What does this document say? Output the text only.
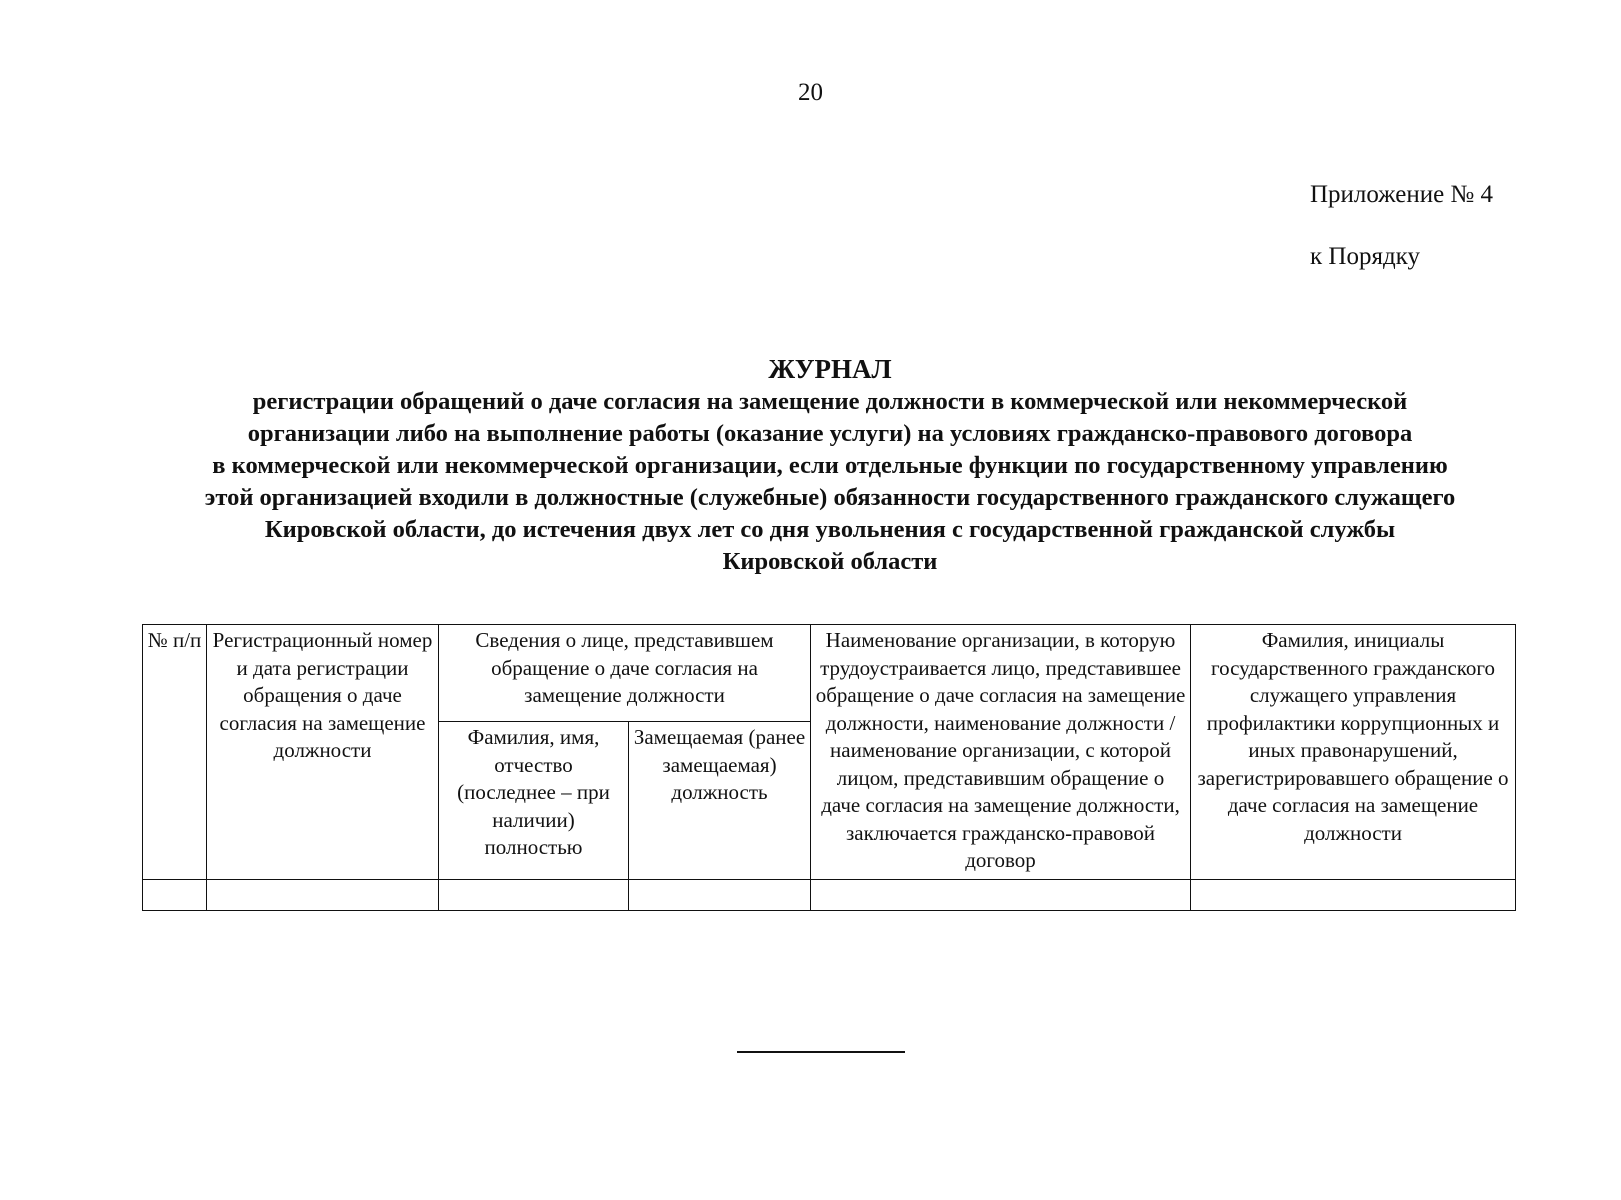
20
Приложение № 4
к Порядку
ЖУРНАЛ
регистрации обращений о даче согласия на замещение должности в коммерческой или некоммерческой
организации либо на выполнение работы (оказание услуги) на условиях гражданско-правового договора
в коммерческой или некоммерческой организации, если отдельные функции по государственному управлению
этой организацией входили в должностные (служебные) обязанности государственного гражданского служащего
Кировской области, до истечения двух лет со дня увольнения с государственной гражданской службы
Кировской области
№ п/п	Регистрационный номер и дата регистрации обращения о даче согласия на замещение должности	Сведения о лице, представившем обращение о даче согласия на замещение должности		Наименование организации, в которую трудоустраивается лицо, представившее обращение о даче согласия на замещение должности, наименование должности / наименование организации, с которой лицом, представившим обращение о даче согласия на замещение должности, заключается гражданско-правовой договор	Фамилия, инициалы государственного гражданского служащего управления профилактики коррупционных и иных правонарушений, зарегистрировавшего обращение о даче согласия на замещение должности
		Фамилия, имя, отчество (последнее – при наличии) полностью	Замещаемая (ранее замещаемая) должность		
